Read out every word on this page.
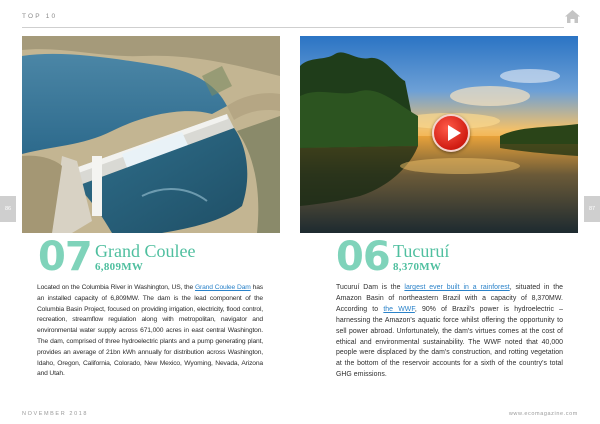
TOP 10
86	87
07 Grand Coulee
6,809MW

Located on the Columbia River in Washington, US, the Grand Coulee Dam has an installed capacity of 6,809MW. The dam is the lead component of the Columbia Basin Project, focused on providing irrigation, electricity, flood control, recreation, streamflow regulation along with metropolitan, navigator and environmental water supply across 671,000 acres in east central Washington. The dam, comprised of three hydroelectric plants and a pump generating plant, provides an average of 21bn kWh annually for distribution across Washington, Idaho, Oregon, California, Colorado, New Mexico, Wyoming, Nevada, Arizona and Utah.

06 Tucuruí
8,370MW

Tucuruí Dam is the largest ever built in a rainforest, situated in the Amazon Basin of northeastern Brazil with a capacity of 8,370MW. According to the WWF, 90% of Brazil's power is hydroelectric – harnessing the Amazon's aquatic force whilst offering the opportunity to sell power abroad. Unfortunately, the dam's virtues comes at the cost of ethical and environmental sustainability. The WWF noted that 40,000 people were displaced by the dam's construction, and rotting vegetation at the bottom of the reservoir accounts for a sixth of the country's total GHG emissions.

NOVEMBER 2018	www.ecomagazine.com
